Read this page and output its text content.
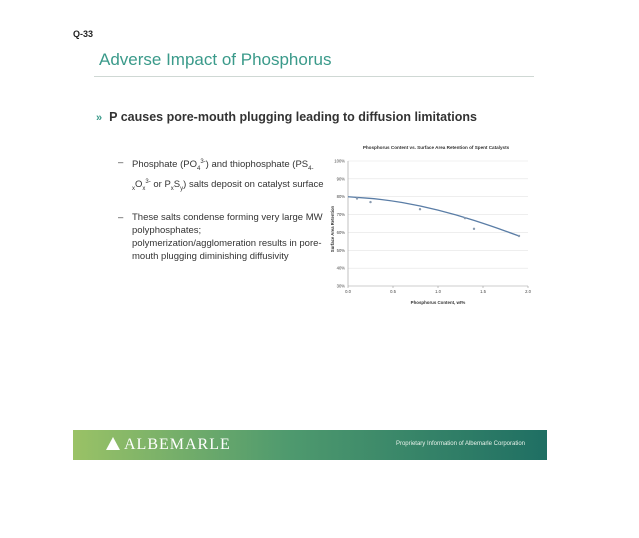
Q-33
Adverse Impact of Phosphorus
» P causes pore-mouth plugging leading to diffusion limitations
– Phosphate $(PO_4^{3-})$ and thiophosphate ($PS_{4-x}O_x^{3-}$ or $P_xS_y$) salts deposit on catalyst surface
– These salts condense forming very large MW polyphosphates; polymerization/agglomeration results in pore-mouth plugging diminishing diffusivity
Phosphorus Content vs. Surface Area Retention of Spent Catalysts
Surface Area Retention
Phosphorus Content, wt%
30%
40%
50%
60%
70%
80%
90%
100%
0.0	0.5	1.0	1.5	2.0
ALBEMARLE	Proprietary Information of Albemarle Corporation
